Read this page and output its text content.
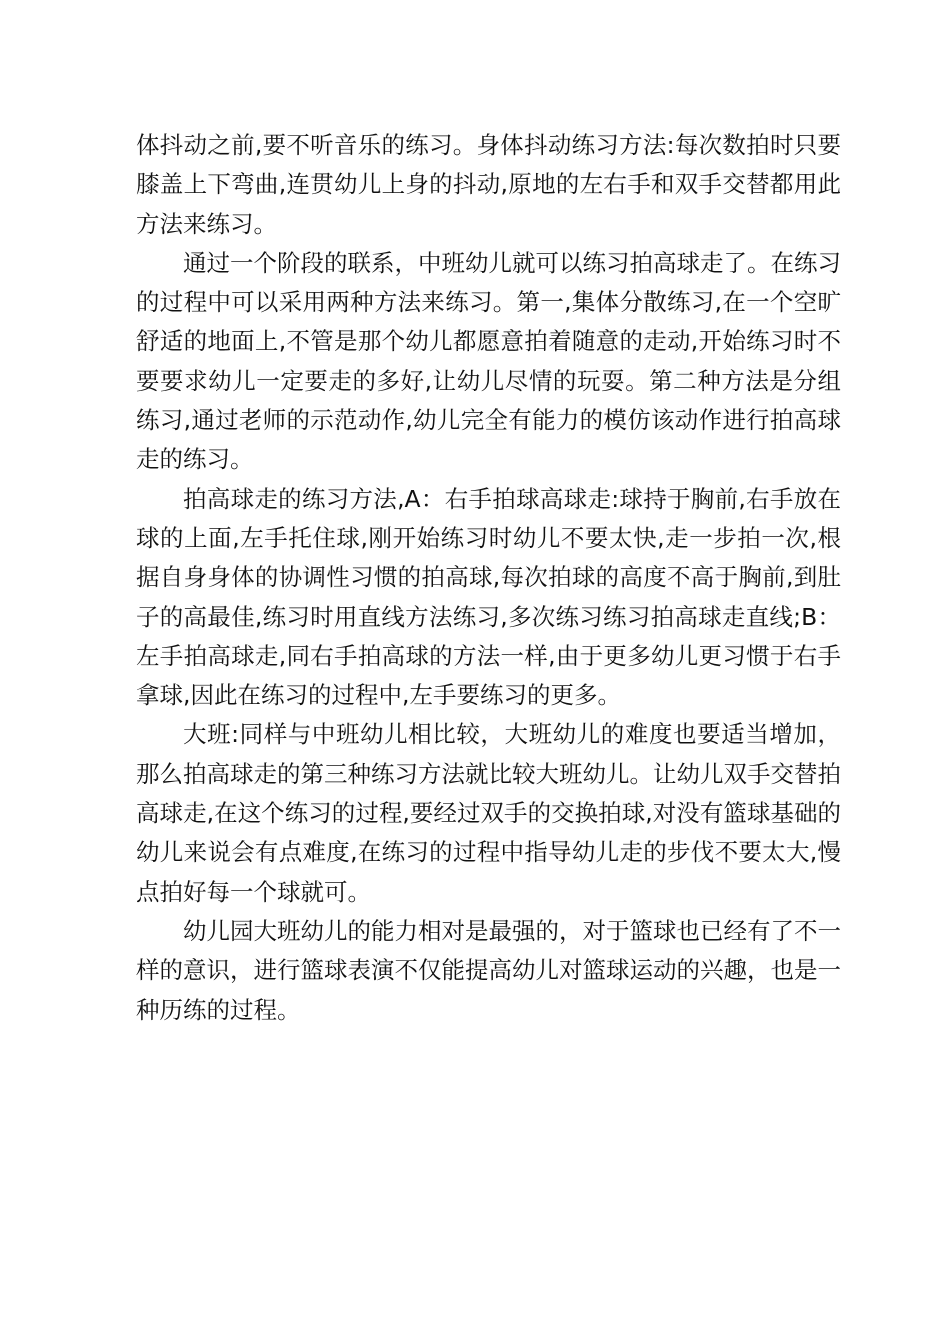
体抖动之前,要不听音乐的练习。身体抖动练习方法:每次数拍时只要膝盖上下弯曲,连贯幼儿上身的抖动,原地的左右手和双手交替都用此方法来练习。

通过一个阶段的联系，中班幼儿就可以练习拍高球走了。在练习的过程中可以采用两种方法来练习。第一,集体分散练习,在一个空旷舒适的地面上,不管是那个幼儿都愿意拍着随意的走动,开始练习时不要要求幼儿一定要走的多好,让幼儿尽情的玩耍。第二种方法是分组练习,通过老师的示范动作,幼儿完全有能力的模仿该动作进行拍高球走的练习。

拍高球走的练习方法,A：右手拍球高球走:球持于胸前,右手放在球的上面,左手托住球,刚开始练习时幼儿不要太快,走一步拍一次,根据自身身体的协调性习惯的拍高球,每次拍球的高度不高于胸前,到肚子的高最佳,练习时用直线方法练习,多次练习练习拍高球走直线;B：左手拍高球走,同右手拍高球的方法一样,由于更多幼儿更习惯于右手拿球,因此在练习的过程中,左手要练习的更多。

大班:同样与中班幼儿相比较，大班幼儿的难度也要适当增加，那么拍高球走的第三种练习方法就比较大班幼儿。让幼儿双手交替拍高球走,在这个练习的过程,要经过双手的交换拍球,对没有篮球基础的幼儿来说会有点难度,在练习的过程中指导幼儿走的步伐不要太大,慢点拍好每一个球就可。

幼儿园大班幼儿的能力相对是最强的，对于篮球也已经有了不一样的意识，进行篮球表演不仅能提高幼儿对篮球运动的兴趣，也是一种历练的过程。
